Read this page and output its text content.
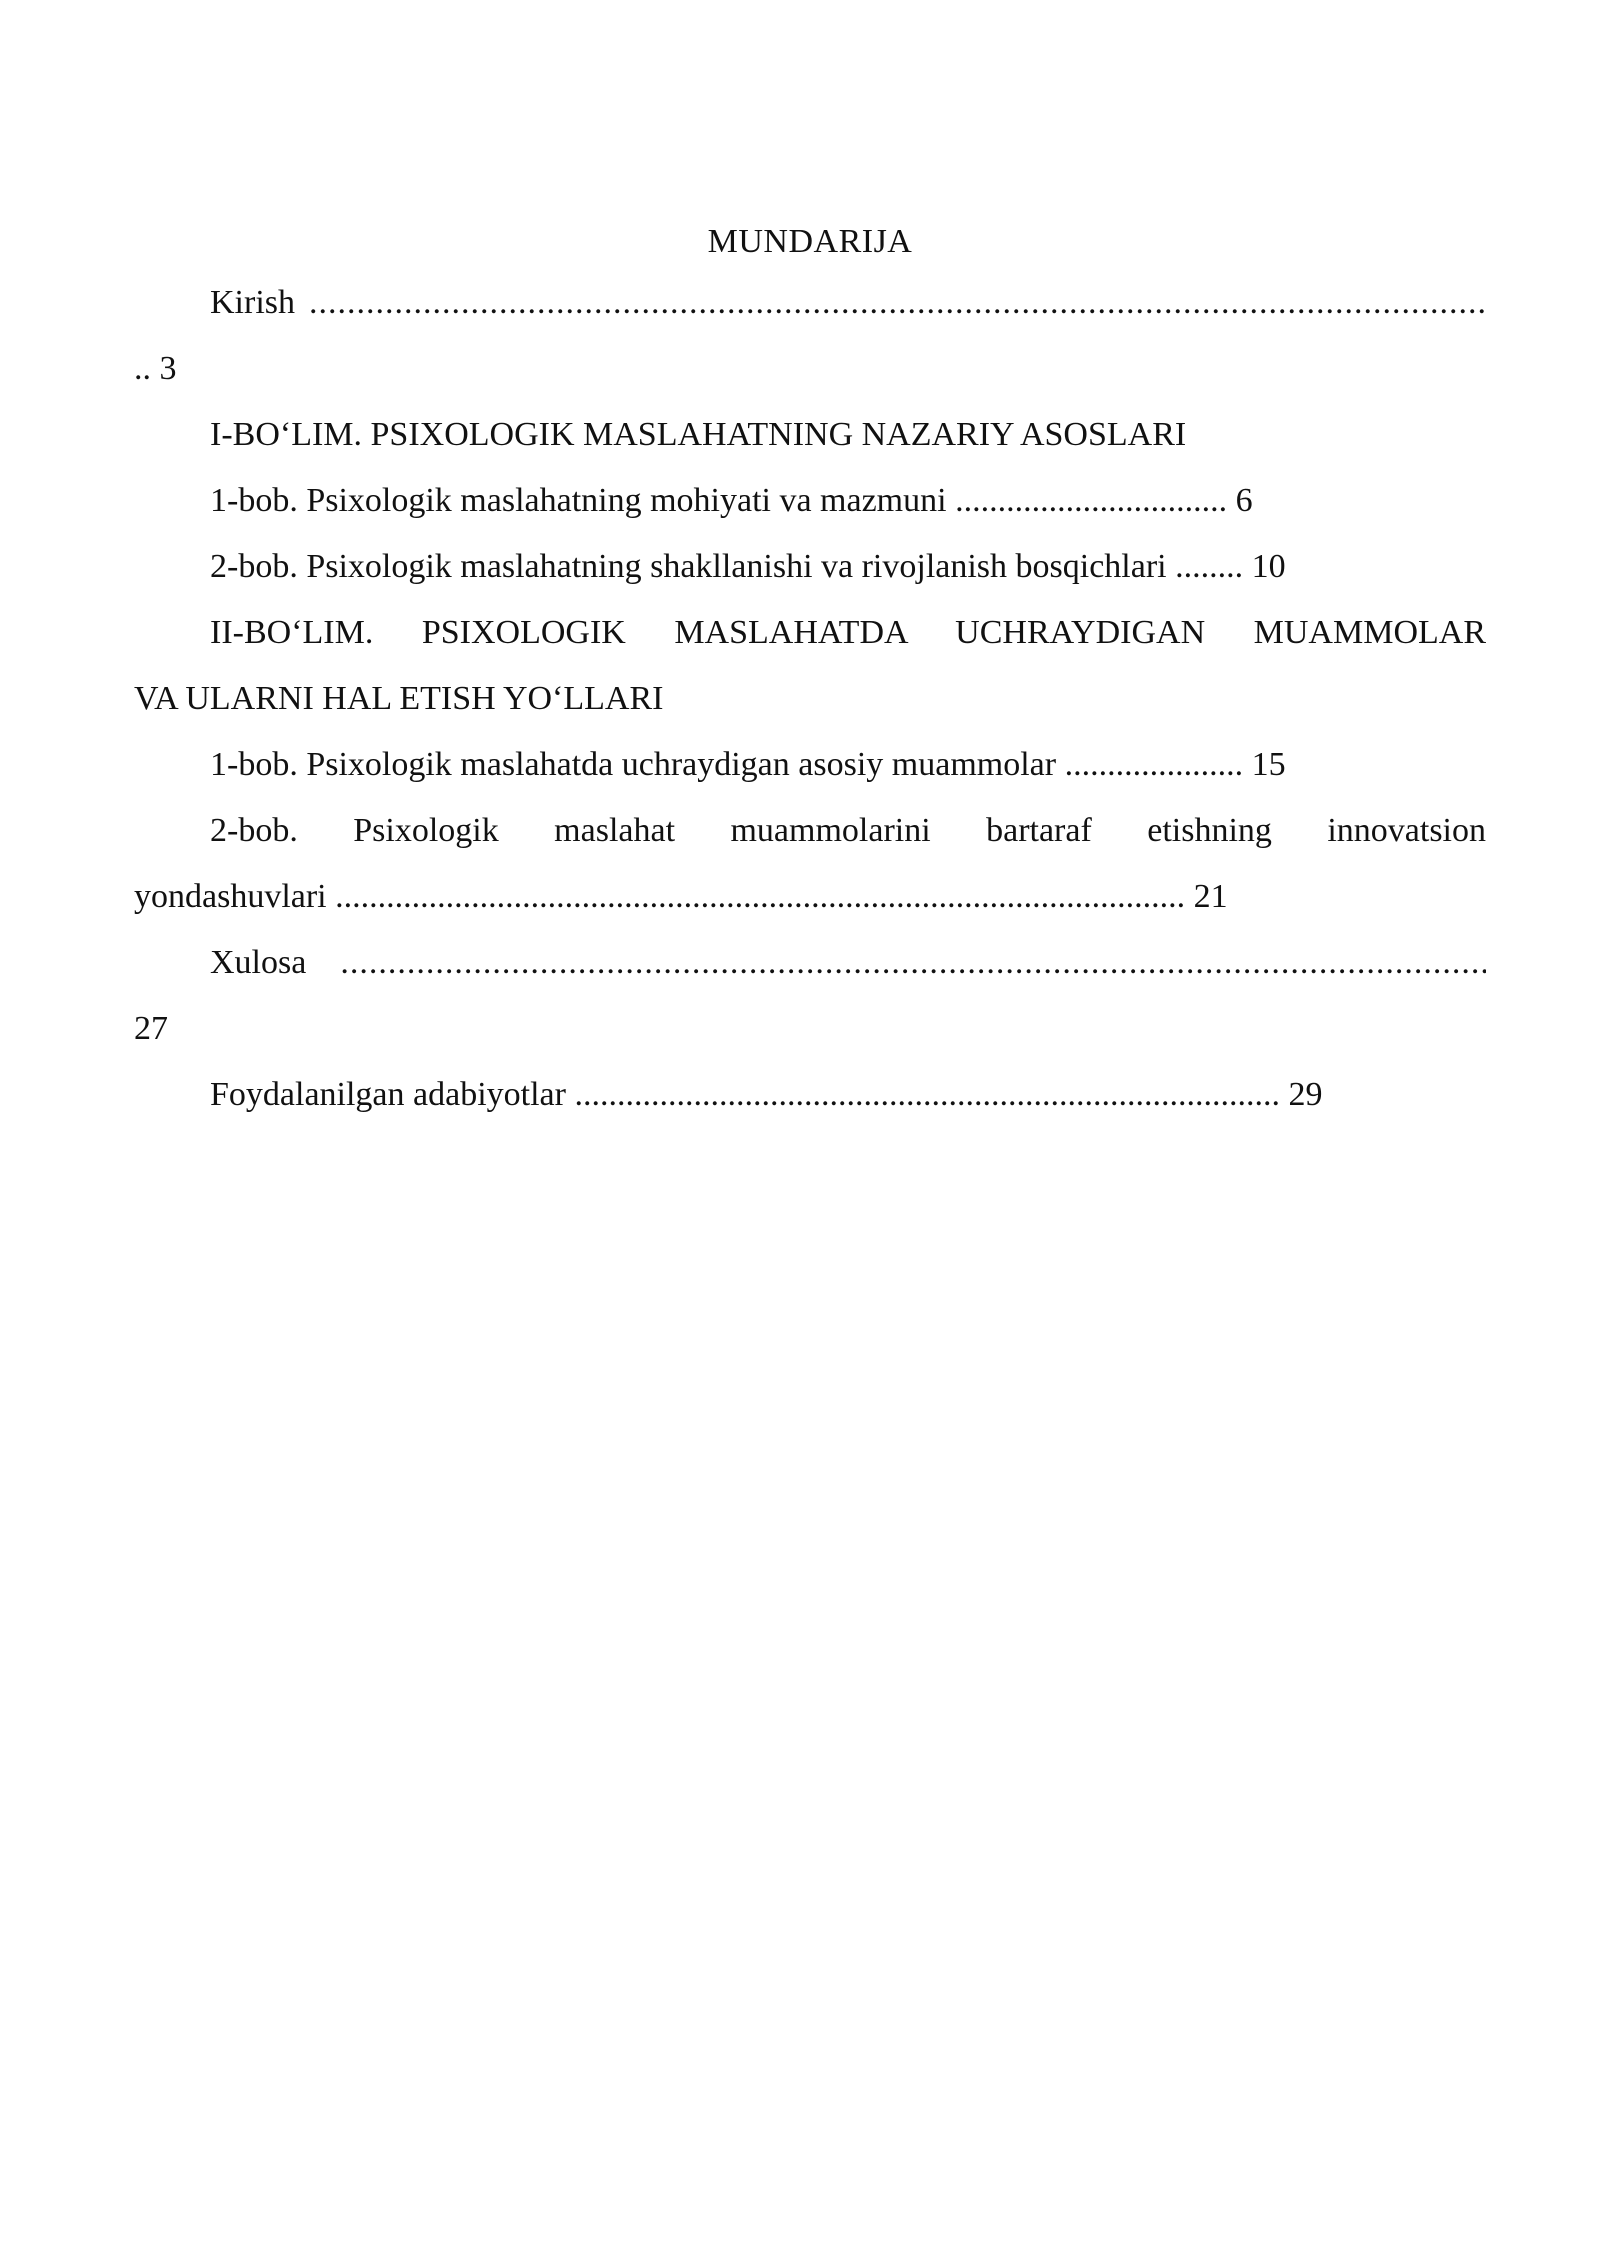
MUNDARIJA
Kirish
.....
.. 3
I-BO‘LIM. PSIXOLOGIK MASLAHATNING NAZARIY ASOSLARI
1-bob. Psixologik maslahatning mohiyati va mazmuni ................................ 6
2-bob. Psixologik maslahatning shakllanishi va rivojlanish bosqichlari ........ 10
II-BO‘LIM. PSIXOLOGIK MASLAHATDA UCHRAYDIGAN MUAMMOLAR
VA ULARNI HAL ETISH YO‘LLARI
1-bob. Psixologik maslahatda uchraydigan asosiy muammolar ..................... 15
2-bob. Psixologik maslahat muammolarini bartaraf etishning innovatsion
yondashuvlari .................................................................................................... 21
Xulosa
.....
27
Foydalanilgan adabiyotlar ................................................................................... 29
